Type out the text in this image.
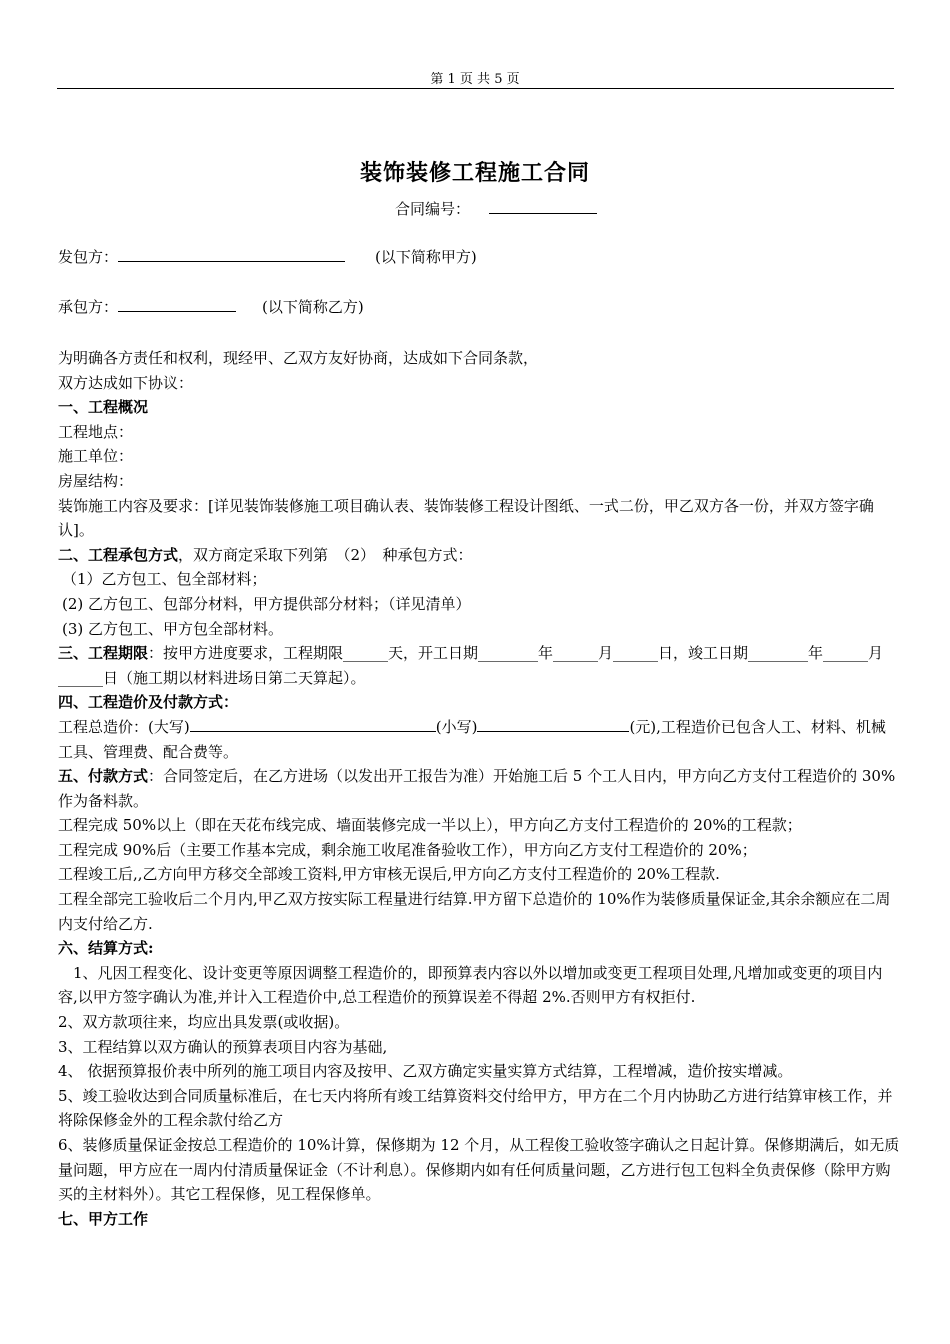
第 1 页 共 5 页
装饰装修工程施工合同
合同编号：
发包方：	(以下简称甲方)
承包方：	(以下简称乙方)

为明确各方责任和权利，现经甲、乙双方友好协商，达成如下合同条款，

双方达成如下协议：

一、工程概况

工程地点：

施工单位：

房屋结构：

装饰施工内容及要求：[详见装饰装修施工项目确认表、装饰装修工程设计图纸、一式二份，甲乙双方各一份，并双方签字确认]。

二、工程承包方式，双方商定采取下列第　（2）　种承包方式：

（1）乙方包工、包全部材料；

(2) 乙方包工、包部分材料，甲方提供部分材料；（详见清单）

(3) 乙方包工、甲方包全部材料。

三、工程期限：按甲方进度要求，工程期限______天，开工日期________年______月______日，竣工日期________年______月______日（施工期以材料进场日第二天算起）。

四、工程造价及付款方式：

工程总造价：(大写)	(小写)	(元),工程造价已包含人工、材料、机械工具、管理费、配合费等。

五、付款方式：合同签定后，在乙方进场（以发出开工报告为准）开始施工后 5 个工人日内，甲方向乙方支付工程造价的 30%作为备料款。

工程完成 50%以上（即在天花布线完成、墙面装修完成一半以上），甲方向乙方支付工程造价的 20%的工程款；

工程完成 90%后（主要工作基本完成，剩余施工收尾准备验收工作），甲方向乙方支付工程造价的 20%；

工程竣工后,,乙方向甲方移交全部竣工资料,甲方审核无误后,甲方向乙方支付工程造价的 20%工程款.

工程全部完工验收后二个月内,甲乙双方按实际工程量进行结算.甲方留下总造价的 10%作为装修质量保证金,其余余额应在二周内支付给乙方.

六、结算方式:

1、凡因工程变化、设计变更等原因调整工程造价的，即预算表内容以外以增加或变更工程项目处理,凡增加或变更的项目内容,以甲方签字确认为准,并计入工程造价中,总工程造价的预算误差不得超 2%.否则甲方有权拒付.

2、双方款项往来，均应出具发票(或收据)。

3、工程结算以双方确认的预算表项目内容为基础,

4、 依据预算报价表中所列的施工项目内容及按甲、乙双方确定实量实算方式结算，工程增减，造价按实增减。

5、竣工验收达到合同质量标准后，在七天内将所有竣工结算资料交付给甲方，甲方在二个月内协助乙方进行结算审核工作，并将除保修金外的工程余款付给乙方

6、装修质量保证金按总工程造价的 10%计算，保修期为 12 个月，从工程俊工验收签字确认之日起计算。保修期满后，如无质量问题，甲方应在一周内付清质量保证金（不计利息）。保修期内如有任何质量问题，乙方进行包工包料全负责保修（除甲方购买的主材料外）。其它工程保修，见工程保修单。

七、甲方工作
